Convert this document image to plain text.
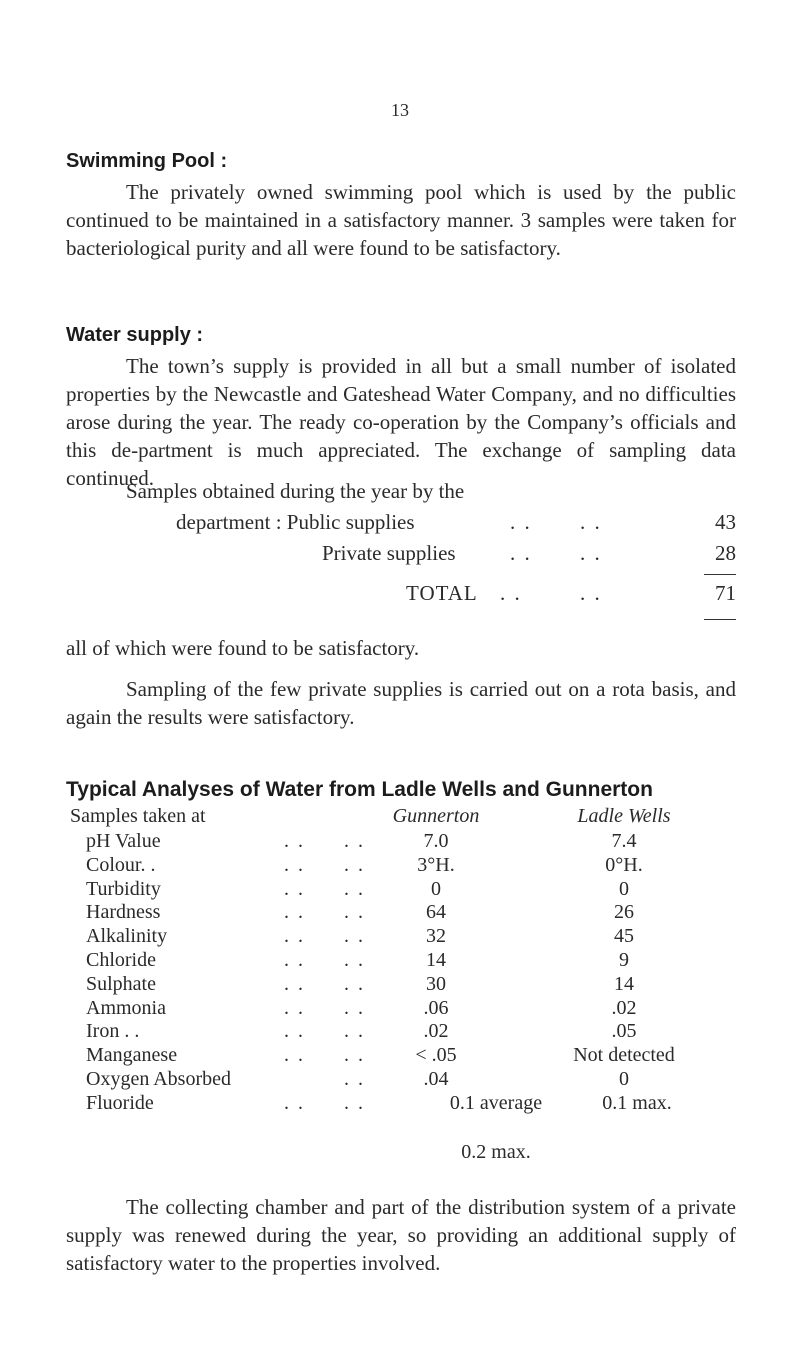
13
Swimming Pool :

The privately owned swimming pool which is used by the public continued to be maintained in a satisfactory manner. 3 samples were taken for bacteriological purity and all were found to be satisfactory.

Water supply :

The town’s supply is provided in all but a small number of isolated properties by the Newcastle and Gateshead Water Company, and no difficulties arose during the year. The ready co-operation by the Company’s officials and this de-partment is much appreciated. The exchange of sampling data continued.

Samples obtained during the year by the
department : Public supplies	. . . .	43
Private supplies	. . . .	28
TOTAL . .	. .	71
all of which were found to be satisfactory.

Sampling of the few private supplies is carried out on a rota basis, and again the results were satisfactory.

Typical Analyses of Water from Ladle Wells and Gunnerton
Samples taken at	Gunnerton	Ladle Wells
pH Value	. . . .	7.0	7.4
Colour. .	. . . .	3°H.	0°H.
Turbidity	. . . .	0	0
Hardness	. . . .	64	26
Alkalinity	. . . .	32	45
Chloride	. . . .	14	9
Sulphate	. . . .	30	14
Ammonia	. . . .	.06	.02
Iron . .	. . . .	.02	.05
Manganese	. . . .	< .05	Not detected
Oxygen Absorbed	. .	.04	0
Fluoride	. . . .	0.1 average	0.1 max.
0.2 max.

The collecting chamber and part of the distribution system of a private supply was renewed during the year, so providing an additional supply of satisfactory water to the properties involved.
